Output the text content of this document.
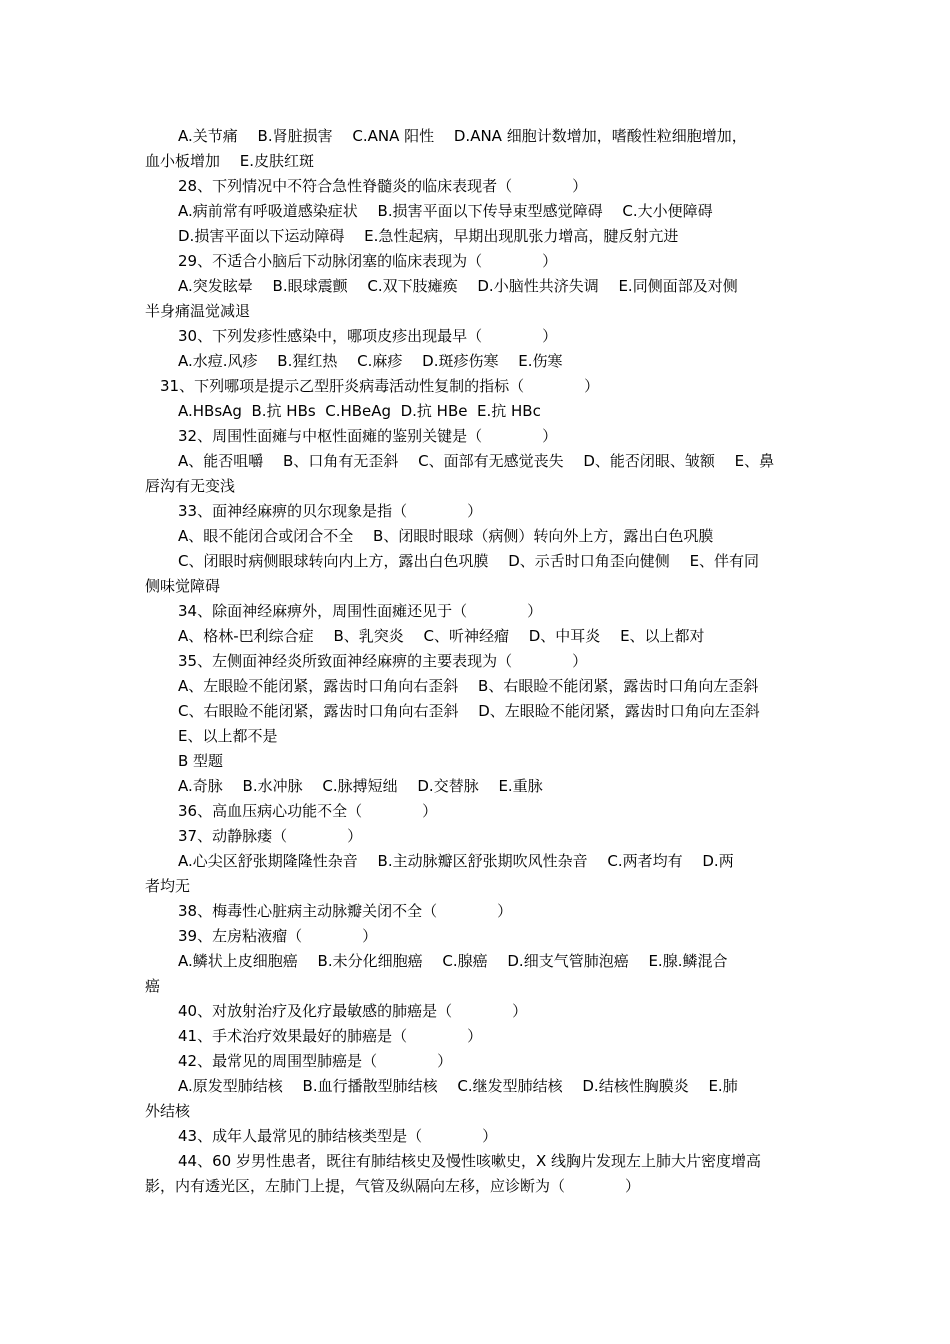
A.关节痛　 B.肾脏损害　 C.ANA 阳性　 D.ANA 细胞计数增加，嗜酸性粒细胞增加，
血小板增加　 E.皮肤红斑
28、下列情况中不符合急性脊髓炎的临床表现者（　　　　）
A.病前常有呼吸道感染症状　 B.损害平面以下传导束型感觉障碍　 C.大小便障碍
D.损害平面以下运动障碍　 E.急性起病，早期出现肌张力增高，腱反射亢进
29、不适合小脑后下动脉闭塞的临床表现为（　　　　）
A.突发眩晕　 B.眼球震颤　 C.双下肢瘫痪　 D.小脑性共济失调　 E.同侧面部及对侧
半身痛温觉减退
30、下列发疹性感染中，哪项皮疹出现最早（　　　　）
A.水痘.风疹　 B.猩红热　 C.麻疹　 D.斑疹伤寒　 E.伤寒
31、下列哪项是提示乙型肝炎病毒活动性复制的指标（　　　　）
A.HBsAg  B.抗 HBs  C.HBeAg  D.抗 HBe  E.抗 HBc
32、周围性面瘫与中枢性面瘫的鉴别关键是（　　　　）
A、能否咀嚼　 B、口角有无歪斜　 C、面部有无感觉丧失　 D、能否闭眼、皱额　 E、鼻
唇沟有无变浅
33、面神经麻痹的贝尔现象是指（　　　　）
A、眼不能闭合或闭合不全　 B、闭眼时眼球（病侧）转向外上方，露出白色巩膜
C、闭眼时病侧眼球转向内上方，露出白色巩膜　 D、示舌时口角歪向健侧　 E、伴有同
侧味觉障碍
34、除面神经麻痹外，周围性面瘫还见于（　　　　）
A、格林-巴利综合症　 B、乳突炎　 C、听神经瘤　 D、中耳炎　 E、以上都对
35、左侧面神经炎所致面神经麻痹的主要表现为（　　　　）
A、左眼睑不能闭紧，露齿时口角向右歪斜　 B、右眼睑不能闭紧，露齿时口角向左歪斜
C、右眼睑不能闭紧，露齿时口角向右歪斜　 D、左眼睑不能闭紧，露齿时口角向左歪斜
E、以上都不是
B 型题
A.奇脉　 B.水冲脉　 C.脉搏短绌　 D.交替脉　 E.重脉
36、高血压病心功能不全（　　　　）
37、动静脉瘘（　　　　）
A.心尖区舒张期隆隆性杂音　 B.主动脉瓣区舒张期吹风性杂音　 C.两者均有　 D.两
者均无
38、梅毒性心脏病主动脉瓣关闭不全（　　　　）
39、左房粘液瘤（　　　　）
A.鳞状上皮细胞癌　 B.未分化细胞癌　 C.腺癌　 D.细支气管肺泡癌　 E.腺.鳞混合
癌
40、对放射治疗及化疗最敏感的肺癌是（　　　　）
41、手术治疗效果最好的肺癌是（　　　　）
42、最常见的周围型肺癌是（　　　　）
A.原发型肺结核　 B.血行播散型肺结核　 C.继发型肺结核　 D.结核性胸膜炎　 E.肺
外结核
43、成年人最常见的肺结核类型是（　　　　）
44、60 岁男性患者，既往有肺结核史及慢性咳嗽史，X 线胸片发现左上肺大片密度增高
影，内有透光区，左肺门上提，气管及纵隔向左移，应诊断为（　　　　）
